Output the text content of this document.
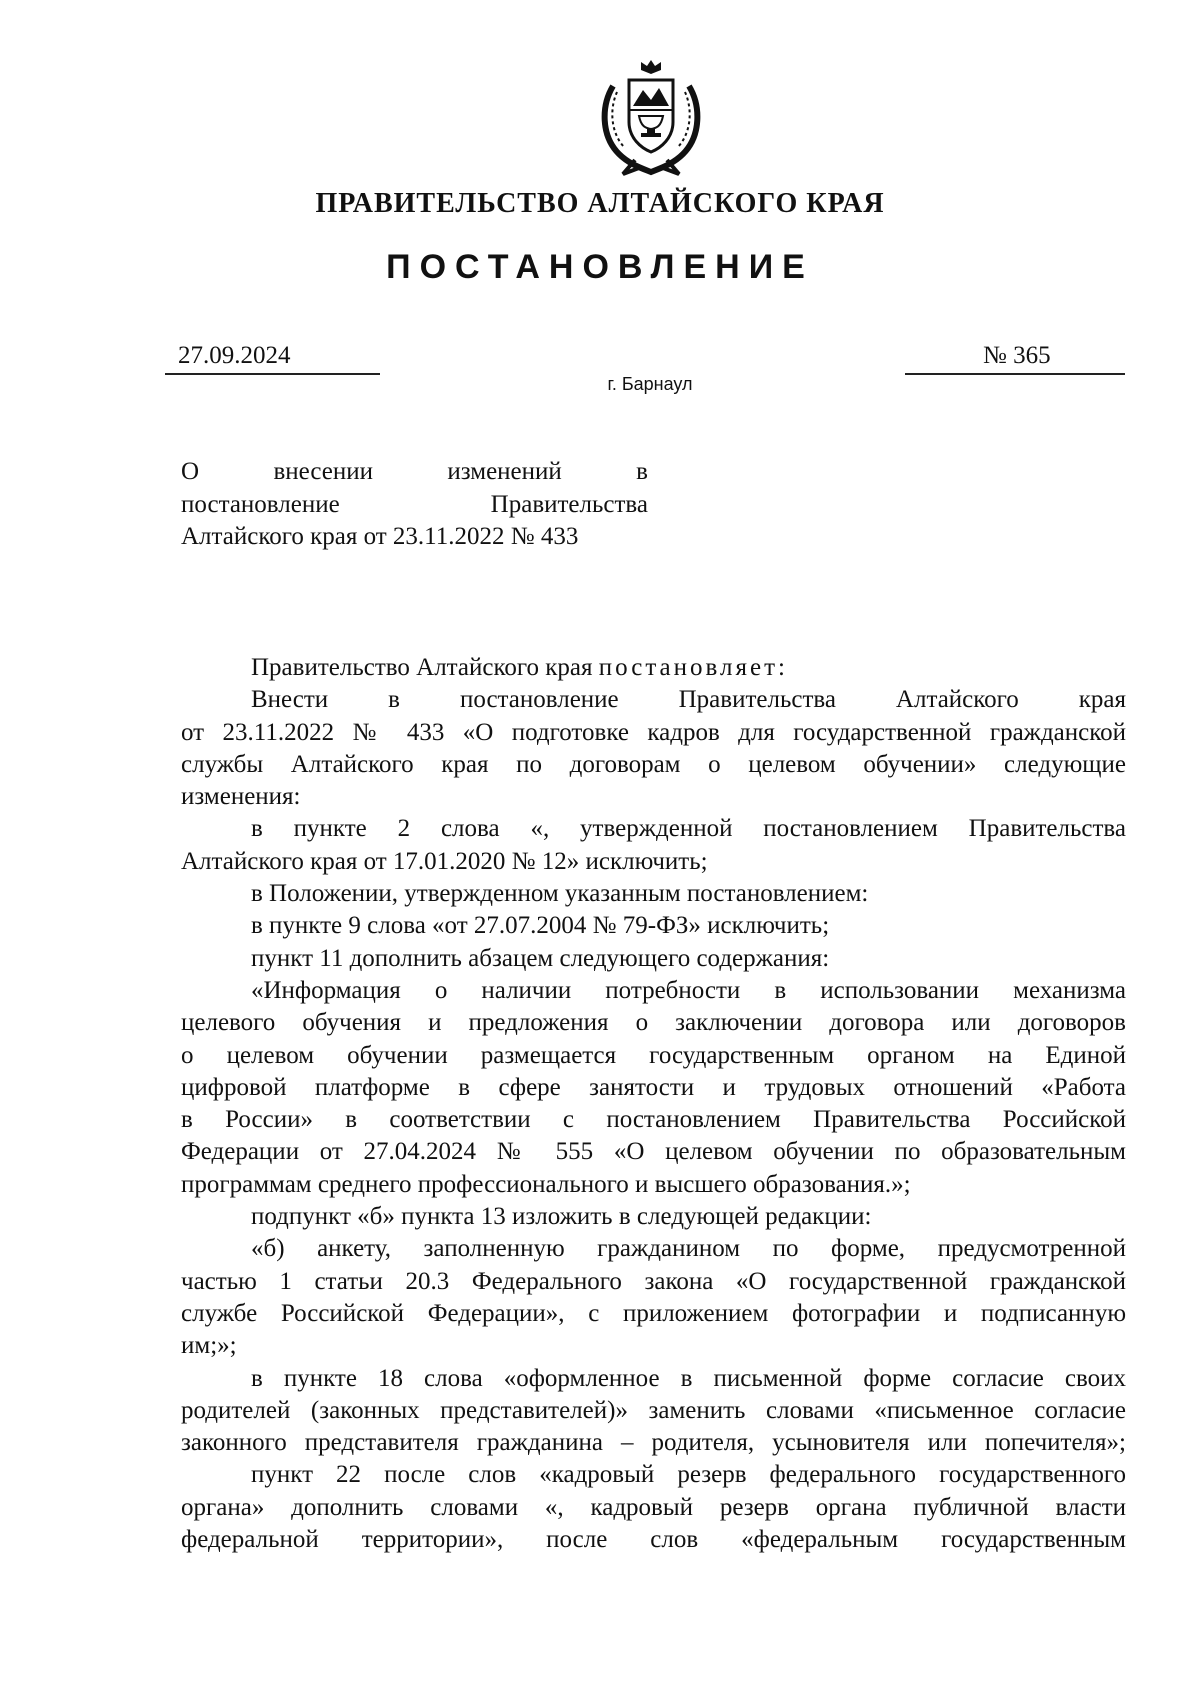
ПРАВИТЕЛЬСТВО АЛТАЙСКОГО КРАЯ
ПОСТАНОВЛЕНИЕ
27.09.2024	№ 365
г. Барнаул
О	внесении	изменений	в
постановление	Правительства
Алтайского края от 23.11.2022 № 433
Правительство Алтайского края постановляет:
Внести в постановление Правительства Алтайского края
от 23.11.2022 № 433 «О подготовке кадров для государственной гражданской
службы Алтайского края по договорам о целевом обучении» следующие
изменения:
в пункте 2 слова «, утвержденной постановлением Правительства
Алтайского края от 17.01.2020 № 12» исключить;
в Положении, утвержденном указанным постановлением:
в пункте 9 слова «от 27.07.2004 № 79-ФЗ» исключить;
пункт 11 дополнить абзацем следующего содержания:
«Информация о наличии потребности в использовании механизма
целевого обучения и предложения о заключении договора или договоров
о целевом обучении размещается государственным органом на Единой
цифровой платформе в сфере занятости и трудовых отношений «Работа
в России» в соответствии с постановлением Правительства Российской
Федерации от 27.04.2024 № 555 «О целевом обучении по образовательным
программам среднего профессионального и высшего образования.»;
подпункт «б» пункта 13 изложить в следующей редакции:
«б) анкету, заполненную гражданином по форме, предусмотренной
частью 1 статьи 20.3 Федерального закона «О государственной гражданской
службе Российской Федерации», с приложением фотографии и подписанную
им;»;
в пункте 18 слова «оформленное в письменной форме согласие своих
родителей (законных представителей)» заменить словами «письменное согласие
законного представителя гражданина – родителя, усыновителя или попечителя»;
пункт 22 после слов «кадровый резерв федерального государственного
органа» дополнить словами «, кадровый резерв органа публичной власти
федеральной территории», после слов «федеральным государственным
